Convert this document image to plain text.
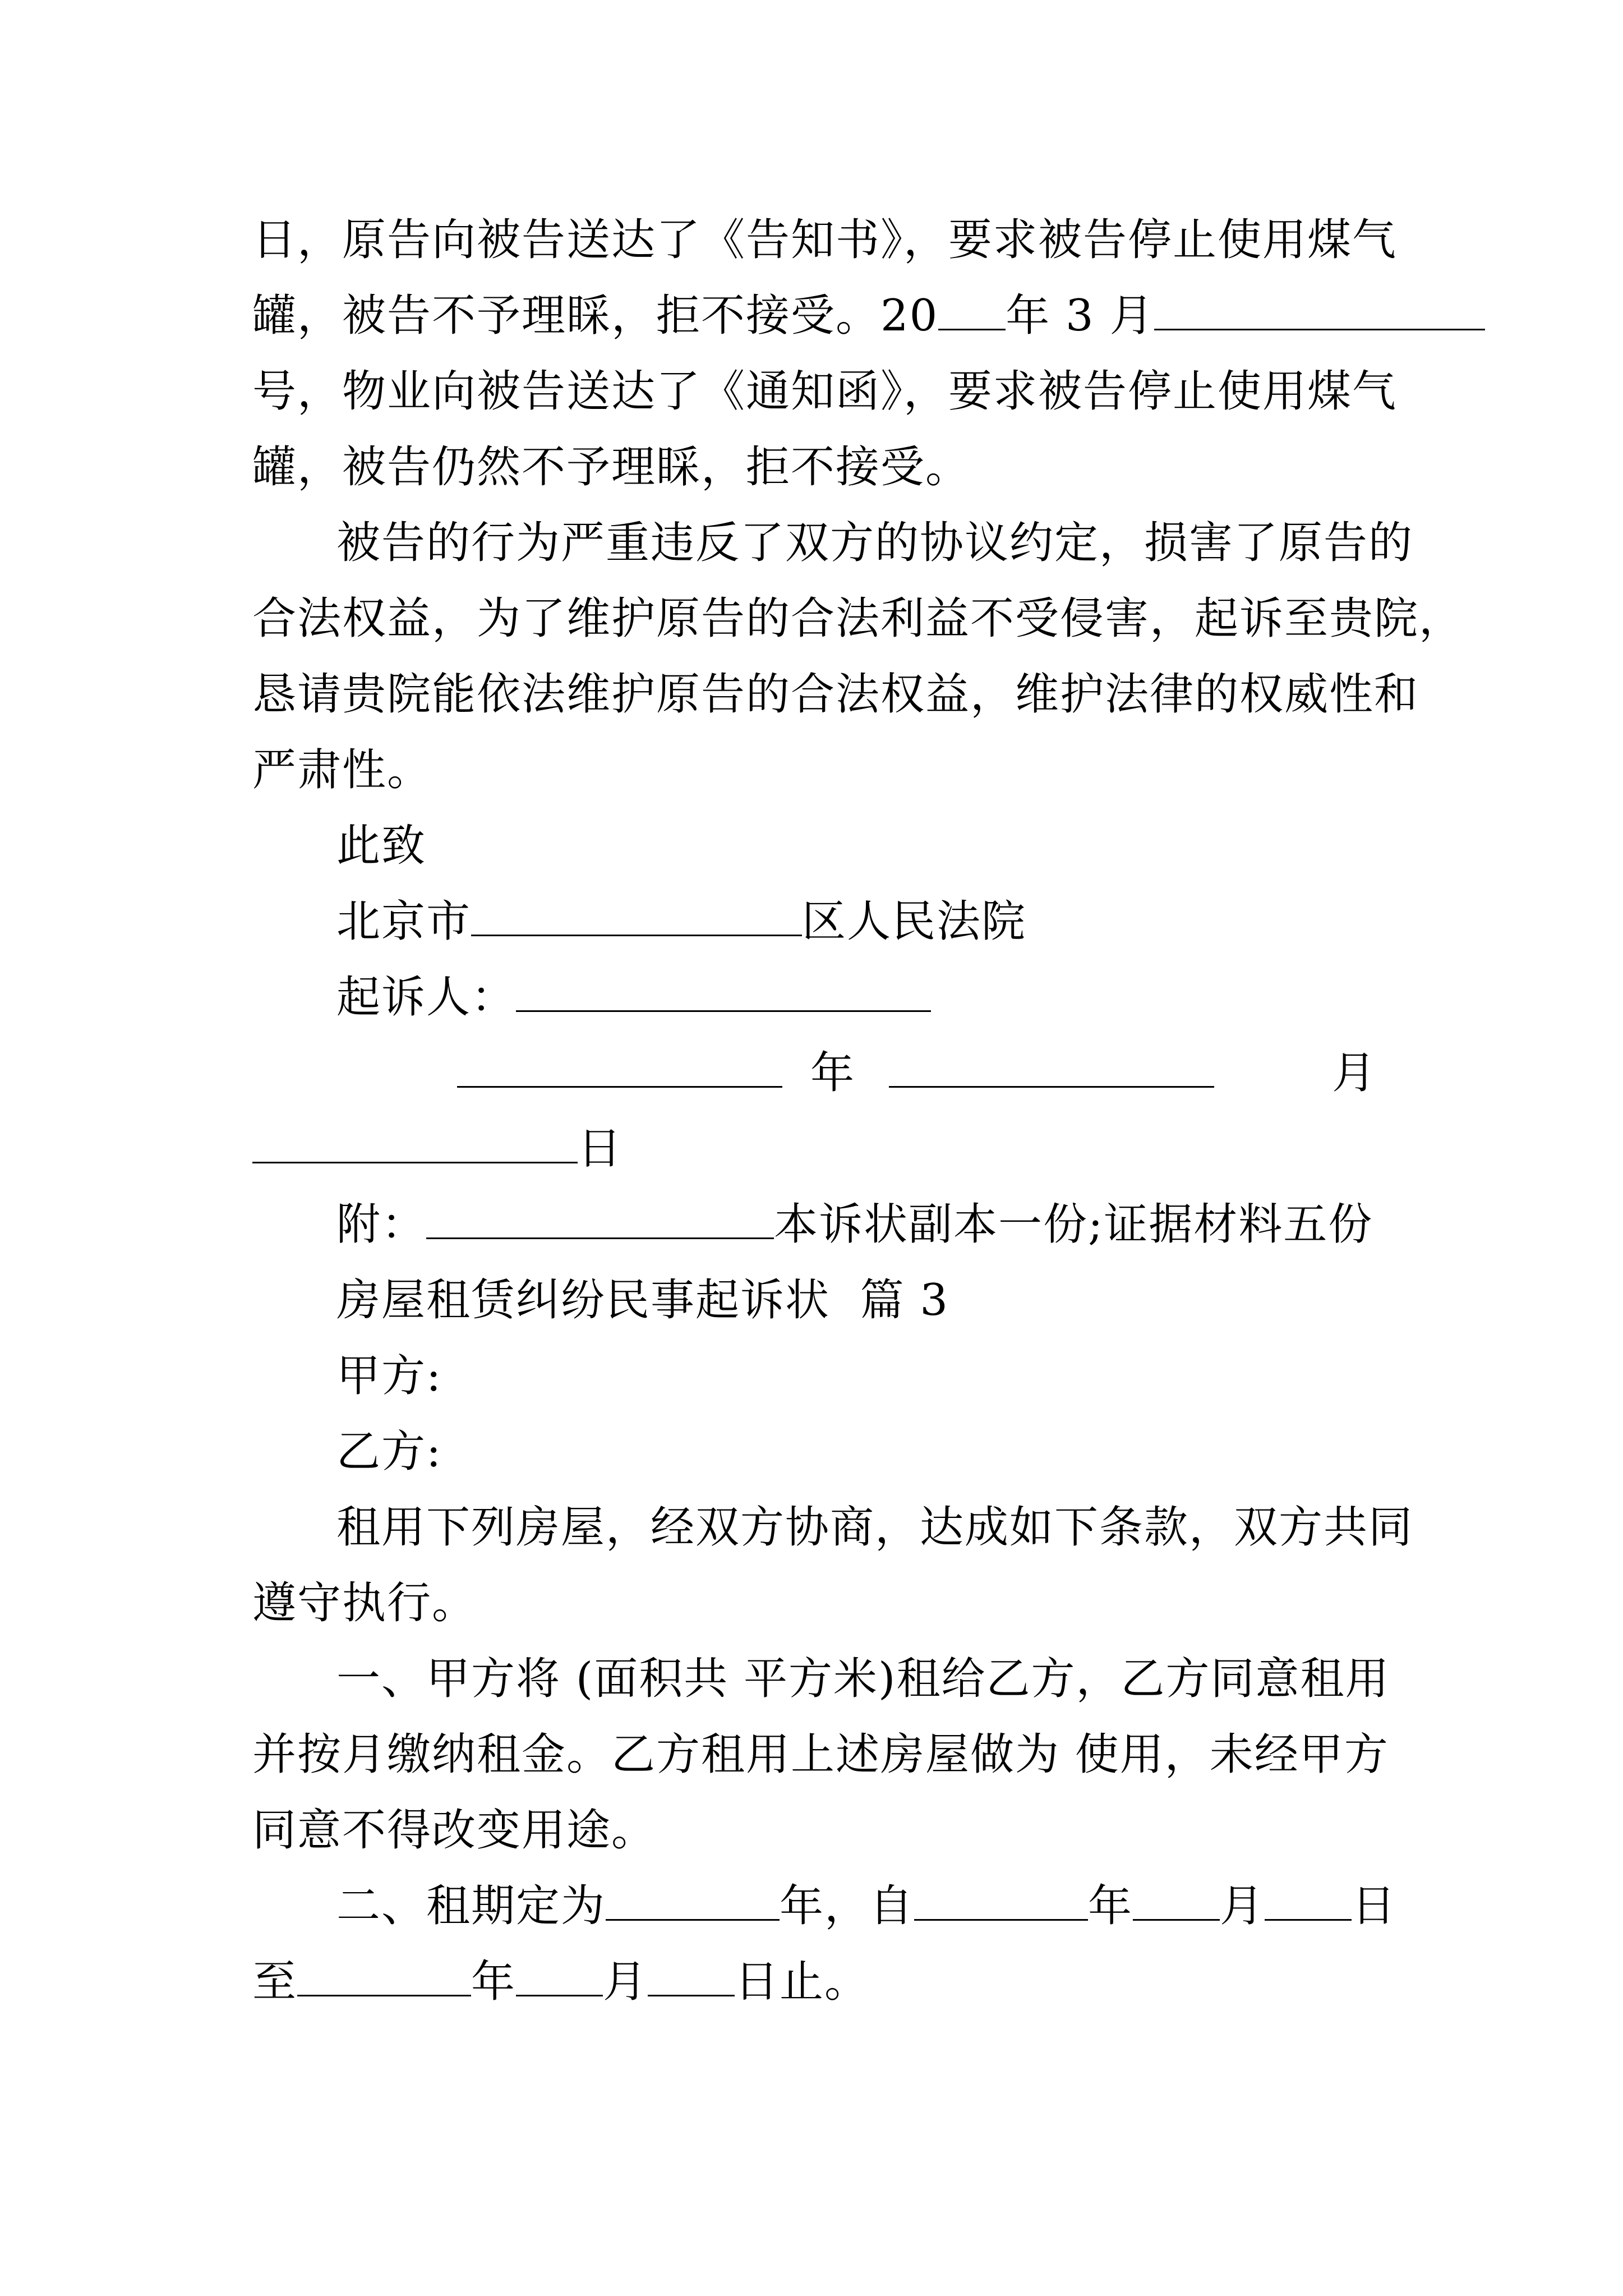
日，原告向被告送达了《告知书》，要求被告停止使用煤气
罐，被告不予理睬，拒不接受。20 年 3 月
号，物业向被告送达了《通知函》，要求被告停止使用煤气
罐，被告仍然不予理睬，拒不接受。
被告的行为严重违反了双方的协议约定，损害了原告的
合法权益，为了维护原告的合法利益不受侵害，起诉至贵院，
恳请贵院能依法维护原告的合法权益，维护法律的权威性和
严肃性。
此致
北京市	区人民法院
起诉人：
年	月
日
附：	本诉状副本一份;证据材料五份
房屋租赁纠纷民事起诉状  篇 3
甲方:
乙方:
租用下列房屋，经双方协商，达成如下条款，双方共同
遵守执行。
一、甲方将 (面积共 平方米)租给乙方，乙方同意租用
并按月缴纳租金。乙方租用上述房屋做为 使用，未经甲方
同意不得改变用途。
二、租期定为	年，自	年 月 日
至	年 月 日止。
